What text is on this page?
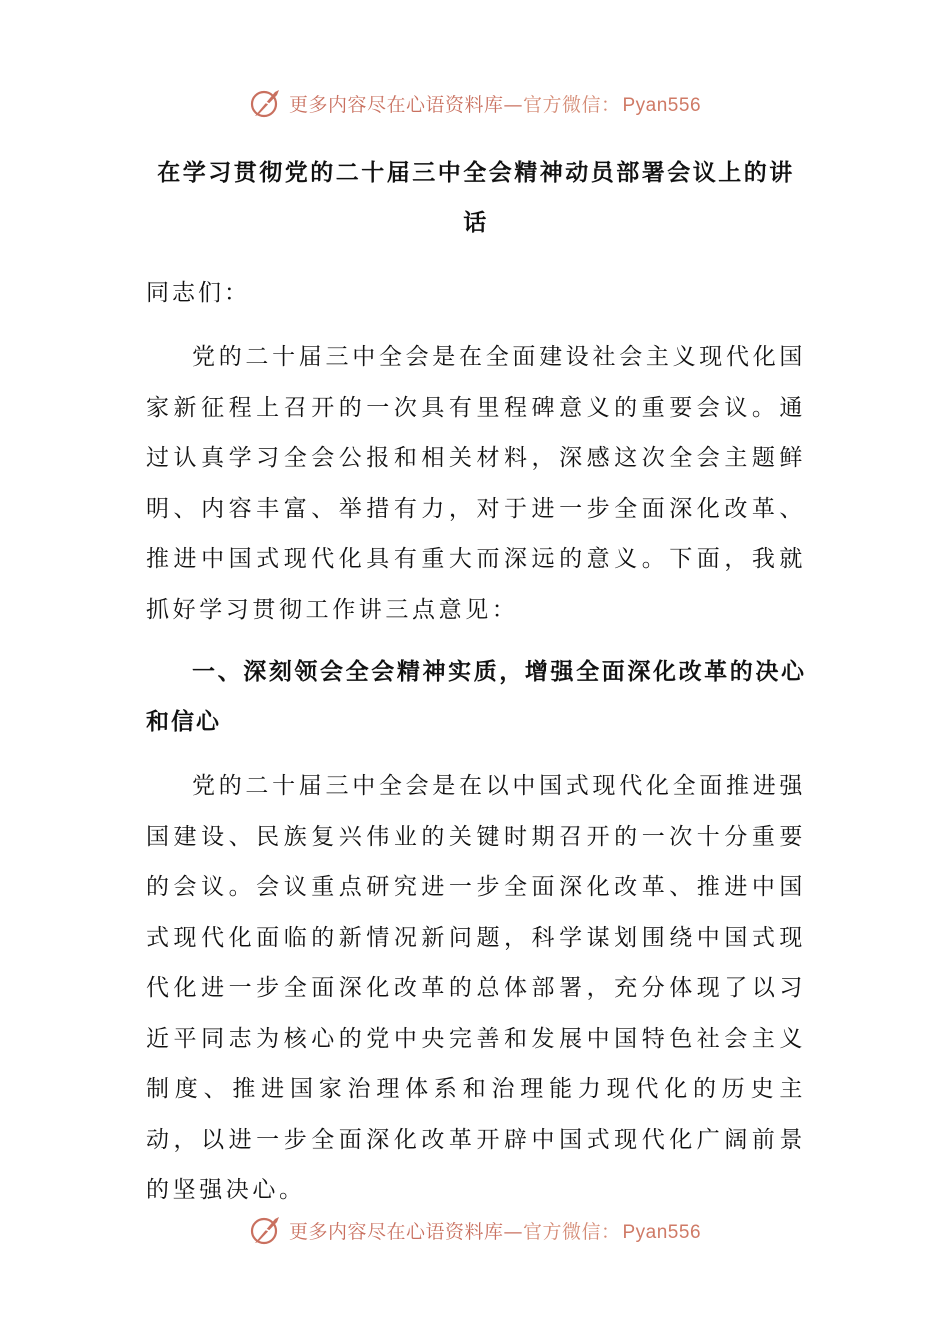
更多内容尽在心语资料库—官方微信： Pyan556
在学习贯彻党的二十届三中全会精神动员部署会议上的讲话

同志们：

党的二十届三中全会是在全面建设社会主义现代化国家新征程上召开的一次具有里程碑意义的重要会议。通过认真学习全会公报和相关材料，深感这次全会主题鲜明、内容丰富、举措有力，对于进一步全面深化改革、推进中国式现代化具有重大而深远的意义。下面，我就抓好学习贯彻工作讲三点意见：

一、深刻领会全会精神实质，增强全面深化改革的决心和信心

党的二十届三中全会是在以中国式现代化全面推进强国建设、民族复兴伟业的关键时期召开的一次十分重要的会议。会议重点研究进一步全面深化改革、推进中国式现代化面临的新情况新问题，科学谋划围绕中国式现代化进一步全面深化改革的总体部署，充分体现了以习近平同志为核心的党中央完善和发展中国特色社会主义制度、推进国家治理体系和治理能力现代化的历史主动，以进一步全面深化改革开辟中国式现代化广阔前景的坚强决心。

更多内容尽在心语资料库—官方微信： Pyan556
